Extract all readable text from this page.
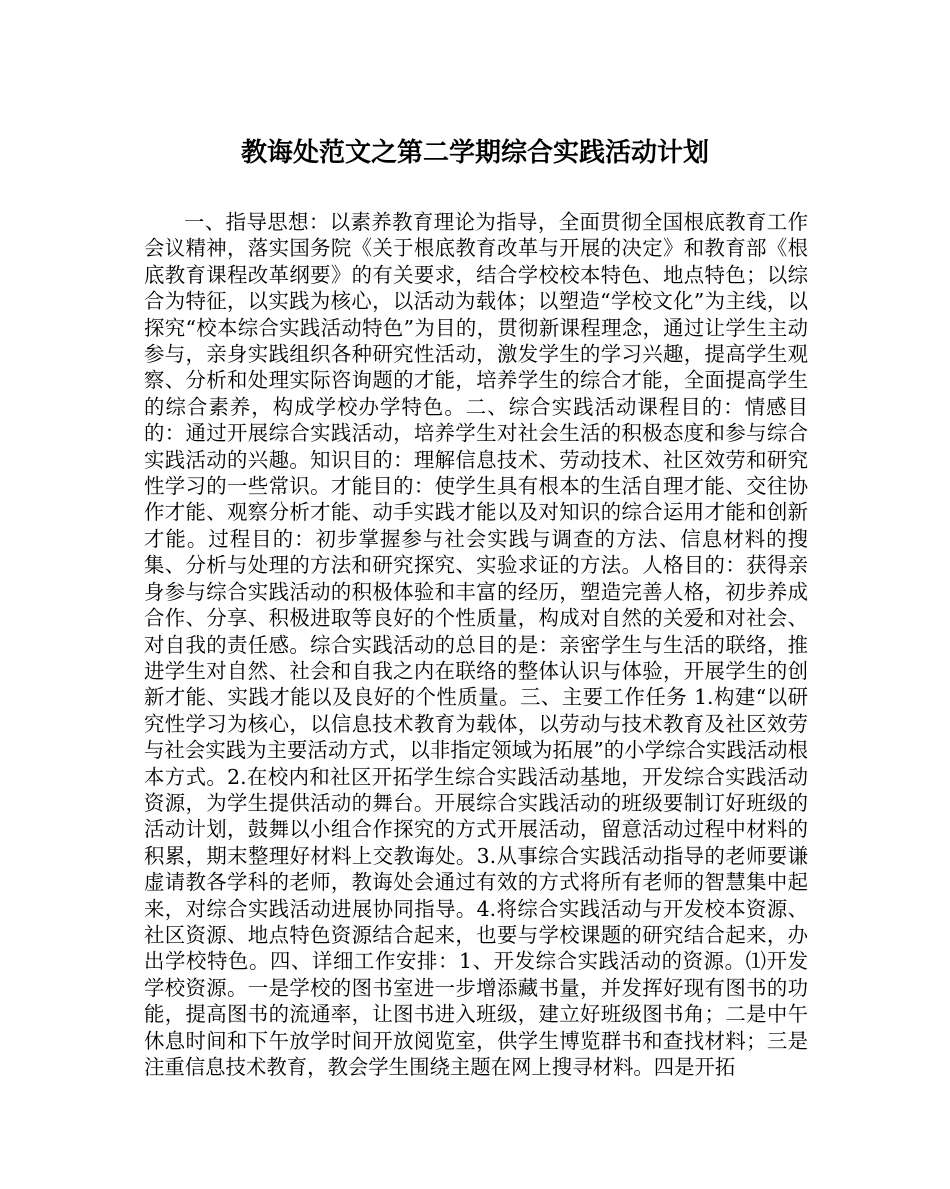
教诲处范文之第二学期综合实践活动计划

一、指导思想：以素养教育理论为指导，全面贯彻全国根底教育工作会议精神，落实国务院《关于根底教育改革与开展的决定》和教育部《根底教育课程改革纲要》的有关要求，结合学校校本特色、地点特色；以综合为特征，以实践为核心，以活动为载体；以塑造“学校文化”为主线，以探究“校本综合实践活动特色”为目的，贯彻新课程理念，通过让学生主动参与，亲身实践组织各种研究性活动，激发学生的学习兴趣，提高学生观察、分析和处理实际咨询题的才能，培养学生的综合才能，全面提高学生的综合素养，构成学校办学特色。二、综合实践活动课程目的：情感目的：通过开展综合实践活动，培养学生对社会生活的积极态度和参与综合实践活动的兴趣。知识目的：理解信息技术、劳动技术、社区效劳和研究性学习的一些常识。才能目的：使学生具有根本的生活自理才能、交往协作才能、观察分析才能、动手实践才能以及对知识的综合运用才能和创新才能。过程目的：初步掌握参与社会实践与调查的方法、信息材料的搜集、分析与处理的方法和研究探究、实验求证的方法。人格目的：获得亲身参与综合实践活动的积极体验和丰富的经历，塑造完善人格，初步养成合作、分享、积极进取等良好的个性质量，构成对自然的关爱和对社会、对自我的责任感。综合实践活动的总目的是：亲密学生与生活的联络，推进学生对自然、社会和自我之内在联络的整体认识与体验，开展学生的创新才能、实践才能以及良好的个性质量。三、主要工作任务 1.构建“以研究性学习为核心，以信息技术教育为载体，以劳动与技术教育及社区效劳与社会实践为主要活动方式，以非指定领域为拓展”的小学综合实践活动根本方式。2.在校内和社区开拓学生综合实践活动基地，开发综合实践活动资源，为学生提供活动的舞台。开展综合实践活动的班级要制订好班级的活动计划，鼓舞以小组合作探究的方式开展活动，留意活动过程中材料的积累，期末整理好材料上交教诲处。3.从事综合实践活动指导的老师要谦虚请教各学科的老师，教诲处会通过有效的方式将所有老师的智慧集中起来，对综合实践活动进展协同指导。4.将综合实践活动与开发校本资源、社区资源、地点特色资源结合起来，也要与学校课题的研究结合起来，办出学校特色。四、详细工作安排：1、开发综合实践活动的资源。⑴开发学校资源。一是学校的图书室进一步增添藏书量，并发挥好现有图书的功能，提高图书的流通率，让图书进入班级，建立好班级图书角；二是中午休息时间和下午放学时间开放阅览室，供学生博览群书和查找材料；三是注重信息技术教育，教会学生围绕主题在网上搜寻材料。四是开拓
